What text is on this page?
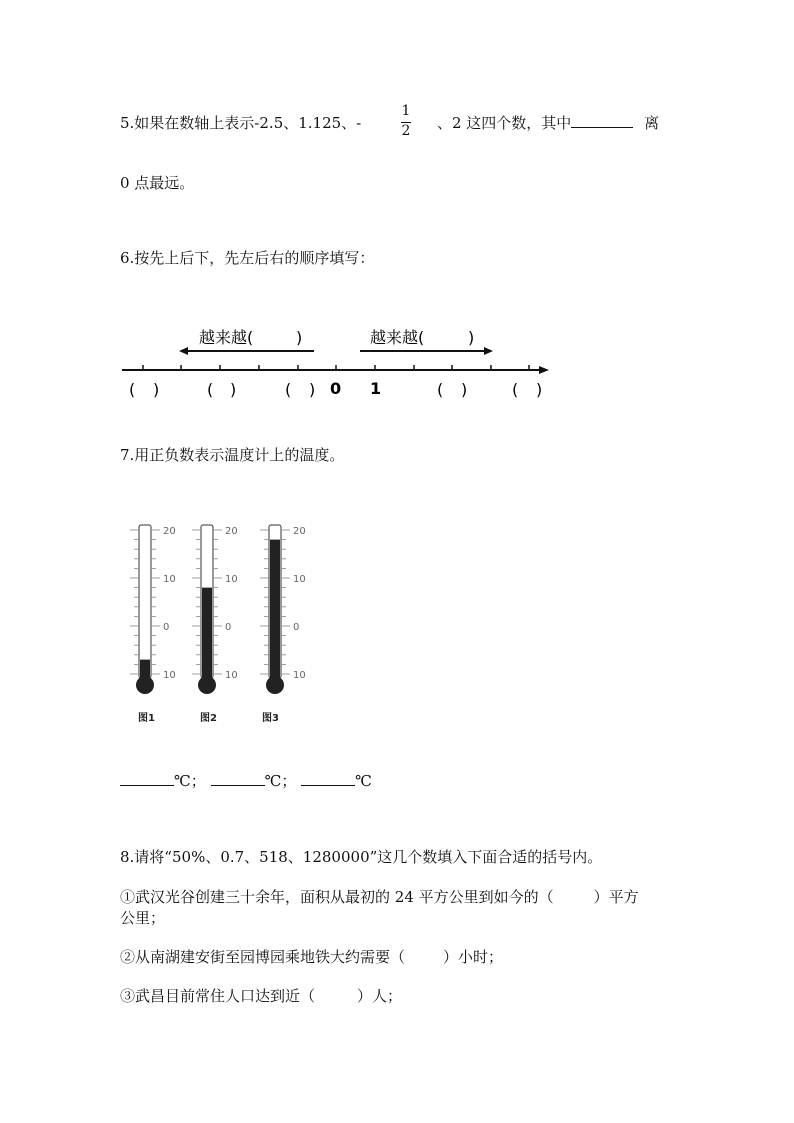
5.如果在数轴上表示-2.5、1.125、-
1
2 、2 这四个数，其中	离
0 点最远。
6.按先上后下，先左后右的顺序填写：
越来越(	)	越来越(	)
( )	( )	( ) 0 1	( )	( )
7.用正负数表示温度计上的温度。
20
10
0
10
图1
20
10
0
10
图2
20
10
0
10
图3
℃；	℃；	℃
8.请将“50%、0.7、518、1280000”这几个数填入下面合适的括号内。
①武汉光谷创建三十余年，面积从最初的 24 平方公里到如今的（	）平方
公里；
②从南湖建安街至园博园乘地铁大约需要（	）小时；
③武昌目前常住人口达到近（	）人；
